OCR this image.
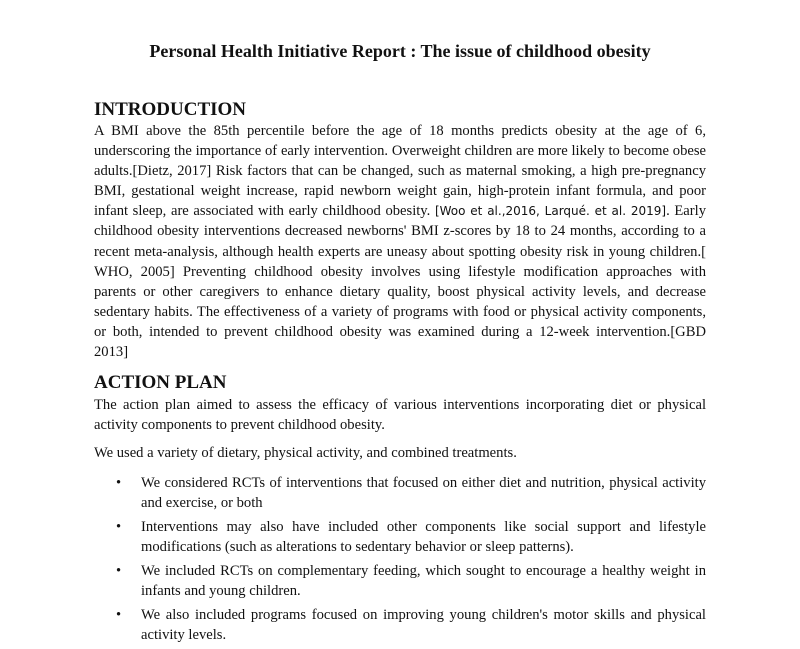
Personal Health Initiative Report : The issue of childhood obesity
INTRODUCTION

A BMI above the 85th percentile before the age of 18 months predicts obesity at the age of 6, underscoring the importance of early intervention. Overweight children are more likely to become obese adults.[Dietz, 2017] Risk factors that can be changed, such as maternal smoking, a high pre-pregnancy BMI, gestational weight increase, rapid newborn weight gain, high-protein infant formula, and poor infant sleep, are associated with early childhood obesity. [Woo et al.,2016, Larqué. et al. 2019]. Early childhood obesity interventions decreased newborns' BMI z-scores by 18 to 24 months, according to a recent meta-analysis, although health experts are uneasy about spotting obesity risk in young children.[ WHO, 2005] Preventing childhood obesity involves using lifestyle modification approaches with parents or other caregivers to enhance dietary quality, boost physical activity levels, and decrease sedentary habits. The effectiveness of a variety of programs with food or physical activity components, or both, intended to prevent childhood obesity was examined during a 12-week intervention.[GBD 2013]

ACTION PLAN

The action plan aimed to assess the efficacy of various interventions incorporating diet or physical activity components to prevent childhood obesity.

We used a variety of dietary, physical activity, and combined treatments.

• We considered RCTs of interventions that focused on either diet and nutrition, physical activity and exercise, or both
• Interventions may also have included other components like social support and lifestyle modifications (such as alterations to sedentary behavior or sleep patterns).
• We included RCTs on complementary feeding, which sought to encourage a healthy weight in infants and young children.
• We also included programs focused on improving young children's motor skills and physical activity levels.
